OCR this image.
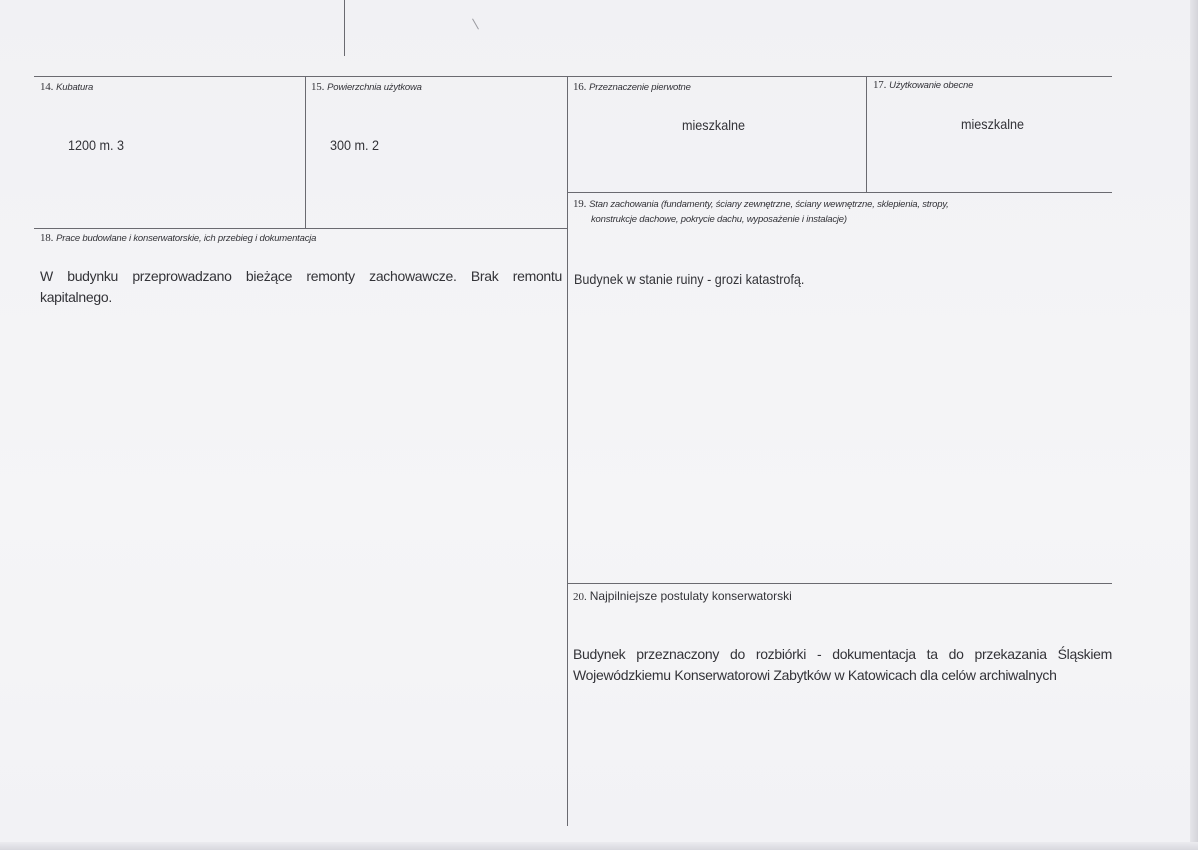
14. Kubatura
1200 m. 3
15. Powierzchnia użytkowa
300 m. 2
16. Przeznaczenie pierwotne
mieszkalne
17. Użytkowanie obecne
mieszkalne
19. Stan zachowania (fundamenty, ściany zewnętrzne, ściany wewnętrzne, sklepienia, stropy,
konstrukcje dachowe, pokrycie dachu, wyposażenie i instalacje)
Budynek w stanie ruiny - grozi katastrofą.
18. Prace budowlane i konserwatorskie, ich przebieg i dokumentacja
W budynku przeprowadzano bieżące remonty zachowawcze. Brak remontu kapitalnego.
20. Najpilniejsze postulaty konserwatorski
Budynek przeznaczony do rozbiórki - dokumentacja ta do przekazania Śląskiem Wojewódzkiemu Konserwatorowi Zabytków w Katowicach dla celów archiwalnych
